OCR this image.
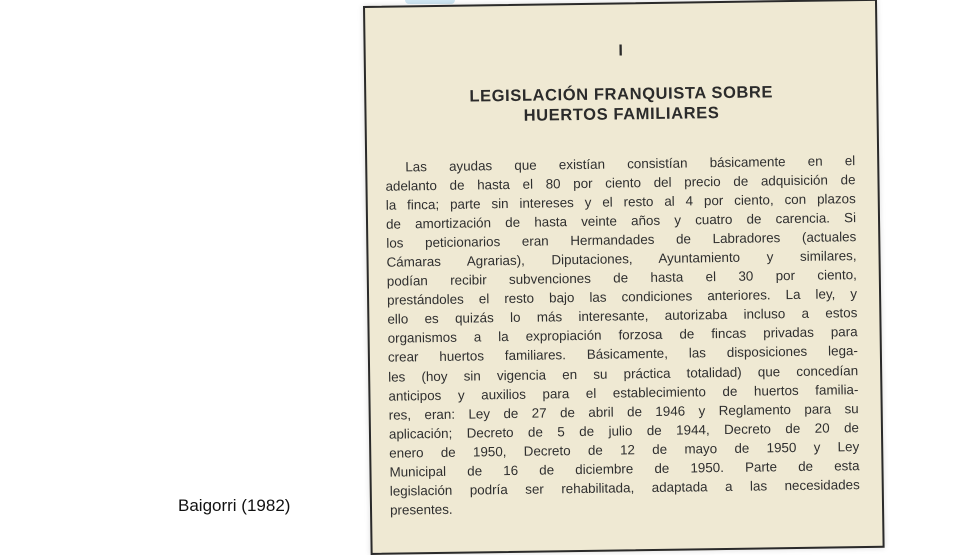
I
LEGISLACIÓN FRANQUISTA SOBRE
HUERTOS FAMILIARES
Las ayudas que existían consistían básicamente en el
adelanto de hasta el 80 por ciento del precio de adquisición de
la finca; parte sin intereses y el resto al 4 por ciento, con plazos
de amortización de hasta veinte años y cuatro de carencia. Si
los peticionarios eran Hermandades de Labradores (actuales
Cámaras Agrarias), Diputaciones, Ayuntamiento y similares,
podían recibir subvenciones de hasta el 30 por ciento,
prestándoles el resto bajo las condiciones anteriores. La ley, y
ello es quizás lo más interesante, autorizaba incluso a estos
organismos a la expropiación forzosa de fincas privadas para
crear huertos familiares. Básicamente, las disposiciones lega-
les (hoy sin vigencia en su práctica totalidad) que concedían
anticipos y auxilios para el establecimiento de huertos familia-
res, eran: Ley de 27 de abril de 1946 y Reglamento para su
aplicación; Decreto de 5 de julio de 1944, Decreto de 20 de
enero de 1950, Decreto de 12 de mayo de 1950 y Ley
Municipal de 16 de diciembre de 1950. Parte de esta
legislación podría ser rehabilitada, adaptada a las necesidades
presentes.
Baigorri (1982)
